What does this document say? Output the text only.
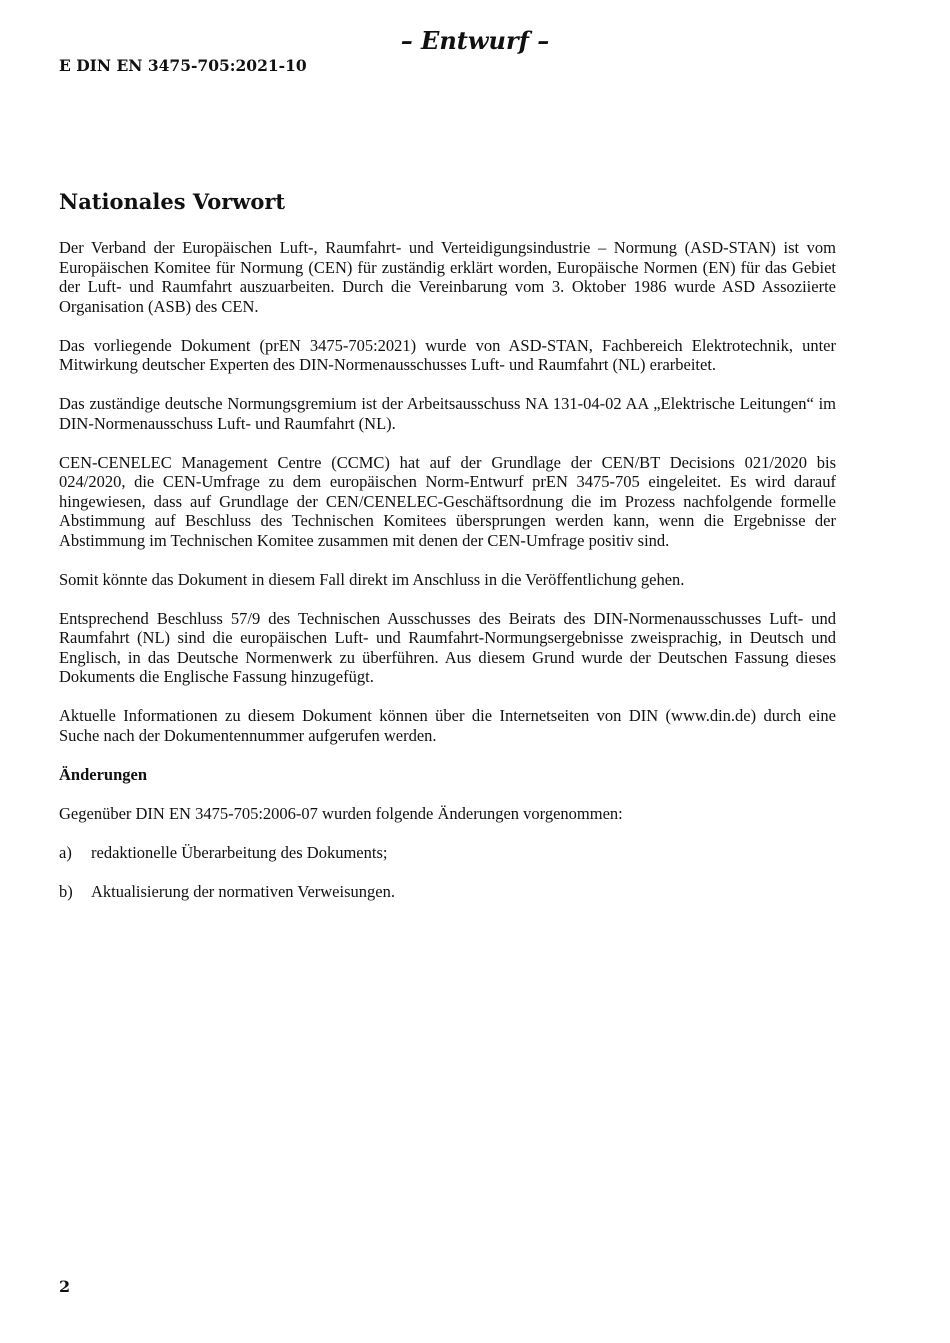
– Entwurf –
E DIN EN 3475-705:2021-10
Nationales Vorwort

Der Verband der Europäischen Luft-, Raumfahrt- und Verteidigungsindustrie – Normung (ASD-STAN) ist vom Europäischen Komitee für Normung (CEN) für zuständig erklärt worden, Europäische Normen (EN) für das Gebiet der Luft- und Raumfahrt auszuarbeiten. Durch die Vereinbarung vom 3. Oktober 1986 wurde ASD Assoziierte Organisation (ASB) des CEN.

Das vorliegende Dokument (prEN 3475-705:2021) wurde von ASD-STAN, Fachbereich Elektrotechnik, unter Mitwirkung deutscher Experten des DIN-Normenausschusses Luft- und Raumfahrt (NL) erarbeitet.

Das zuständige deutsche Normungsgremium ist der Arbeitsausschuss NA 131-04-02 AA „Elektrische Leitungen“ im DIN-Normenausschuss Luft- und Raumfahrt (NL).

CEN-CENELEC Management Centre (CCMC) hat auf der Grundlage der CEN/BT Decisions 021/2020 bis 024/2020, die CEN-Umfrage zu dem europäischen Norm-Entwurf prEN 3475-705 eingeleitet. Es wird darauf hingewiesen, dass auf Grundlage der CEN/CENELEC-Geschäftsordnung die im Prozess nachfolgende formelle Abstimmung auf Beschluss des Technischen Komitees übersprungen werden kann, wenn die Ergebnisse der Abstimmung im Technischen Komitee zusammen mit denen der CEN-Umfrage positiv sind.

Somit könnte das Dokument in diesem Fall direkt im Anschluss in die Veröffentlichung gehen.

Entsprechend Beschluss 57/9 des Technischen Ausschusses des Beirats des DIN-Normenausschusses Luft- und Raumfahrt (NL) sind die europäischen Luft- und Raumfahrt-Normungsergebnisse zweisprachig, in Deutsch und Englisch, in das Deutsche Normenwerk zu überführen. Aus diesem Grund wurde der Deutschen Fassung dieses Dokuments die Englische Fassung hinzugefügt.

Aktuelle Informationen zu diesem Dokument können über die Internetseiten von DIN (www.din.de) durch eine Suche nach der Dokumentennummer aufgerufen werden.

Änderungen

Gegenüber DIN EN 3475-705:2006-07 wurden folgende Änderungen vorgenommen:

a)	redaktionelle Überarbeitung des Dokuments;
b)	Aktualisierung der normativen Verweisungen.
2
